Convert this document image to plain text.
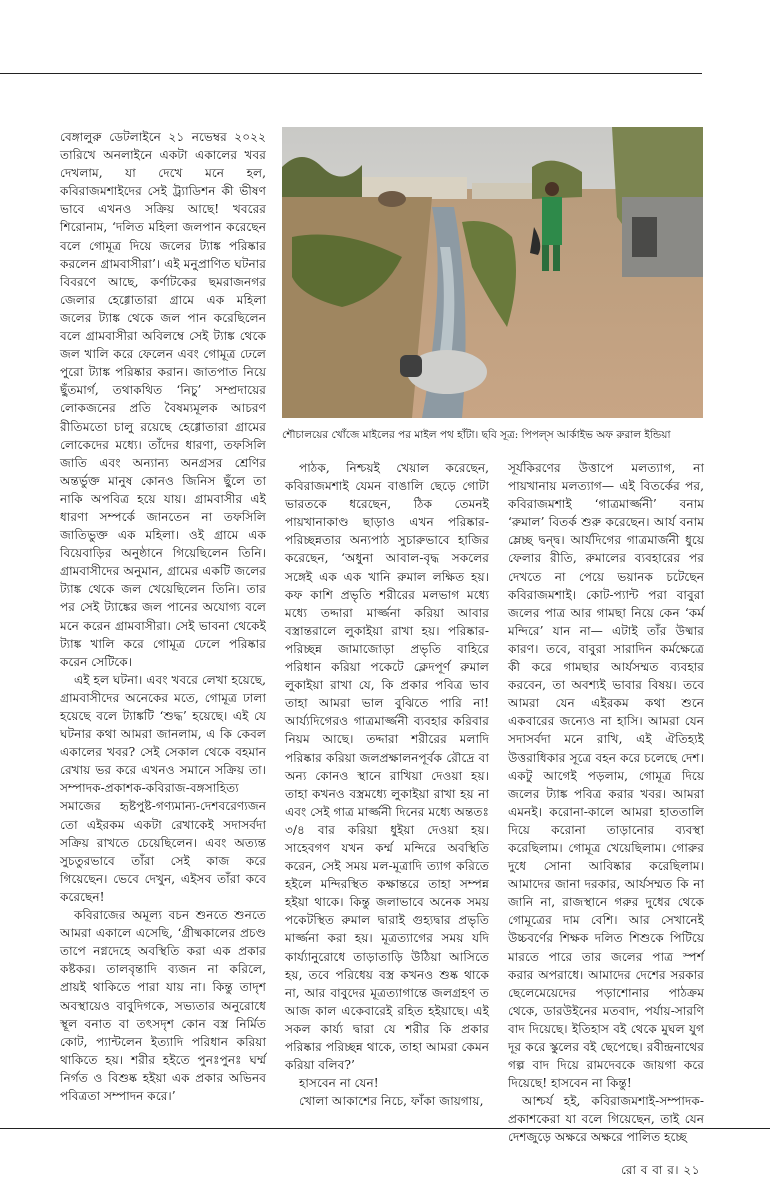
বেঙ্গালুরু ডেটলাইনে ২১ নভেম্বর ২০২২ তারিখে অনলাইনে একটা একালের খবর দেখলাম, যা দেখে মনে হল, কবিরাজমশাইদের সেই ট্র্যাডিশন কী ভীষণ ভাবে এখনও সক্রিয় আছে! খবরের শিরোনাম, ‘দলিত মহিলা জলপান করেছেন বলে গোমূত্র দিয়ে জলের ট্যাঙ্ক পরিষ্কার করলেন গ্রামবাসীরা’। এই মনুপ্রাণিত ঘটনার বিবরণে আছে, কর্ণাটকের ছমরাজনগর জেলার হেগ্গোতারা গ্রামে এক মহিলা জলের ট্যাঙ্ক থেকে জল পান করেছিলেন বলে গ্রামবাসীরা অবিলম্বে সেই ট্যাঙ্ক থেকে জল খালি করে ফেলেন এবং গোমূত্র ঢেলে পুরো ট্যাঙ্ক পরিষ্কার করান। জাতপাত নিয়ে ছুঁতমার্গ, তথাকথিত ‘নিচু’ সম্প্রদায়ের লোকজনের প্রতি বৈষম্যমূলক আচরণ রীতিমতো চালু রয়েছে হেগ্গোতারা গ্রামের লোকেদের মধ্যে। তাঁদের ধারণা, তফসিলি জাতি এবং অন্যান্য অনগ্রসর শ্রেণির অন্তর্ভুক্ত মানুষ কোনও জিনিস ছুঁলে তা নাকি অপবিত্র হয়ে যায়। গ্রামবাসীর এই ধারণা সম্পর্কে জানতেন না তফসিলি জাতিভুক্ত এক মহিলা। ওই গ্রামে এক বিয়েবাড়ির অনুষ্ঠানে গিয়েছিলেন তিনি। গ্রামবাসীদের অনুমান, গ্রামের একটি জলের ট্যাঙ্ক থেকে জল খেয়েছিলেন তিনি। তার পর সেই ট্যাঙ্কের জল পানের অযোগ্য বলে মনে করেন গ্রামবাসীরা। সেই ভাবনা থেকেই ট্যাঙ্ক খালি করে গোমূত্র ঢেলে পরিষ্কার করেন সেটিকে।

এই হল ঘটনা। এবং খবরে লেখা হয়েছে, গ্রামবাসীদের অনেকের মতে, গোমূত্র ঢালা হয়েছে বলে ট্যাঙ্কটি ‘শুদ্ধ’ হয়েছে। এই যে ঘটনার কথা আমরা জানলাম, এ কি কেবল একালের খবর? সেই সেকাল থেকে বহমান রেখায় ভর করে এখনও সমানে সক্রিয় তা। সম্পাদক-প্রকাশক-কবিরাজ-বঙ্গসাহিত্য সমাজের হৃষ্টপুষ্ট-গণ্যমান্য-দেশবরেণ্যজন তো এইরকম একটা রেখাকেই সদাসর্বদা সক্রিয় রাখতে চেয়েছিলেন। এবং অত্যন্ত সুচতুরভাবে তাঁরা সেই কাজ করে গিয়েছেন। ভেবে দেখুন, এইসব তাঁরা কবে করেছেন!

কবিরাজের অমূল্য বচন শুনতে শুনতে আমরা একালে এসেছি, ‘গ্রীষ্মকালের প্রচণ্ড তাপে নগ্নদেহে অবস্থিতি করা এক প্রকার কষ্টকর। তালবৃন্তাদি ব্যজন না করিলে, প্রায়ই থাকিতে পারা যায় না। কিন্তু তাদৃশ অবস্থায়েও বাবুদিগকে, সভ্যতার অনুরোধে স্থূল বনাত বা তৎসদৃশ কোন বস্ত্র নির্মিত কোট, প্যান্টলেন ইত্যাদি পরিধান করিয়া থাকিতে হয়। শরীর হইতে পুনঃপুনঃ ঘর্ম্ম নির্গত ও বিশুষ্ক হইয়া এক প্রকার অভিনব পবিত্রতা সম্পাদন করে।’

শৌচালয়ের খোঁজে মাইলের পর মাইল পথ হাঁটা। ছবি সূত্র: পিপল্‌স আর্কাইভ অফ রুরাল ইন্ডিয়া

পাঠক, নিশ্চয়ই খেয়াল করেছেন, কবিরাজমশাই যেমন বাঙালি ছেড়ে গোটা ভারতকে ধরেছেন, ঠিক তেমনই পায়খানাকাণ্ড ছাড়াও এখন পরিষ্কার-পরিচ্ছন্নতার অন্যপাঠ সুচারুভাবে হাজির করেছেন, ‘অধুনা আবাল-বৃদ্ধ সকলের সঙ্গেই এক এক খানি রুমাল লক্ষিত হয়। কফ কাশি প্রভৃতি শরীরের মলভাগ মধ্যে মধ্যে তদ্দারা মার্জ্জনা করিয়া আবার বস্ত্রান্তরালে লুকাইয়া রাখা হয়। পরিষ্কার-পরিচ্ছন্ন জামাজোড়া প্রভৃতি বাহিরে পরিধান করিয়া পকেটে ক্লেদপূর্ণ রুমাল লুকাইয়া রাখা যে, কি প্রকার পবিত্র ভাব তাহা আমরা ভাল বুঝিতে পারি না! আর্য্যদিগেরও গাত্রমার্জ্জনী ব্যবহার করিবার নিয়ম আছে। তদ্দারা শরীরের মলাদি পরিষ্কার করিয়া জলপ্রক্ষালনপূর্বক রৌদ্রে বা অন্য কোনও স্থানে রাখিয়া দেওয়া হয়। তাহা কখনও বস্ত্রমধ্যে লুকাইয়া রাখা হয় না এবং সেই গাত্র মার্জ্জনী দিনের মধ্যে অন্ততঃ ৩/৪ বার করিয়া ধুইয়া দেওয়া হয়। সাহেবগণ যখন কর্ম্ম মন্দিরে অবস্থিতি করেন, সেই সময় মল-মূত্রাদি ত্যাগ করিতে হইলে মন্দিরস্থিত কক্ষান্তরে তাহা সম্পন্ন হইয়া থাকে। কিন্তু জলাভাবে অনেক সময় পকেটস্থিত রুমাল দ্বারাই গুহ্যদ্বার প্রভৃতি মার্জ্জনা করা হয়। মূত্রত্যাগের সময় যদি কার্য্যানুরোধে তাড়াতাড়ি উঠিয়া আসিতে হয়, তবে পরিধেয় বস্ত্র কখনও শুষ্ক থাকে না, আর বাবুদের মূত্রত্যাগান্তে জলগ্রহণ ত আজ কাল একেবারেই রহিত হইয়াছে। এই সকল কার্য্য দ্বারা যে শরীর কি প্রকার পরিষ্কার পরিচ্ছন্ন থাকে, তাহা আমরা কেমন করিয়া বলিব?’

হাসবেন না যেন!

খোলা আকাশের নিচে, ফাঁকা জায়গায়,

সূর্যকিরণের উত্তাপে মলত্যাগ, না পায়খানায় মলত্যাগ— এই বিতর্কের পর, কবিরাজমশাই ‘গাত্রমার্জ্জনী’ বনাম ‘রুমাল’ বিতর্ক শুরু করেছেন। আর্য বনাম ম্লেচ্ছ দ্বন্দ্ব। আর্যদিগের গাত্রমার্জনী ধুয়ে ফেলার রীতি, রুমালের ব্যবহারের পর দেখতে না পেয়ে ভয়ানক চটেছেন কবিরাজমশাই। কোট-প্যান্ট পরা বাবুরা জলের পাত্র আর গামছা নিয়ে কেন ‘কর্ম মন্দিরে’ যান না— এটাই তাঁর উষ্মার কারণ। তবে, বাবুরা সারাদিন কর্মক্ষেত্রে কী করে গামছার আর্যসম্মত ব্যবহার করবেন, তা অবশ্যই ভাবার বিষয়। তবে আমরা যেন এইরকম কথা শুনে একবারের জন্যেও না হাসি। আমরা যেন সদাসর্বদা মনে রাখি, এই ঐতিহ্যই উত্তরাধিকার সূত্রে বহন করে চলেছে দেশ। একটু আগেই পড়লাম, গোমূত্র দিয়ে জলের ট্যাঙ্ক পবিত্র করার খবর। আমরা এমনই। করোনা-কালে আমরা হাততালি দিয়ে করোনা তাড়ানোর ব্যবস্থা করেছিলাম। গোমূত্র খেয়েছিলাম। গোরুর দুধে সোনা আবিষ্কার করেছিলাম। আমাদের জানা দরকার, আর্যসম্মত কি না জানি না, রাজস্থানে গরুর দুধের থেকে গোমূত্রের দাম বেশি। আর সেখানেই উচ্চবর্ণের শিক্ষক দলিত শিশুকে পিটিয়ে মারতে পারে তার জলের পাত্র স্পর্শ করার অপরাধে। আমাদের দেশের সরকার ছেলেমেয়েদের পড়াশোনার পাঠক্রম থেকে, ডারউইনের মতবাদ, পর্যায়-সারণি বাদ দিয়েছে। ইতিহাস বই থেকে মুঘল যুগ দূর করে স্কুলের বই ছেপেছে। রবীন্দ্রনাথের গল্প বাদ দিয়ে রামদেবকে জায়গা করে দিয়েছে! হাসবেন না কিন্তু!

আশ্চর্য হই, কবিরাজমশাই-সম্পাদক-প্রকাশকেরা যা বলে গিয়েছেন, তাই যেন দেশজুড়ে অক্ষরে অক্ষরে পালিত হচ্ছে

রো ব বা র। ২১
